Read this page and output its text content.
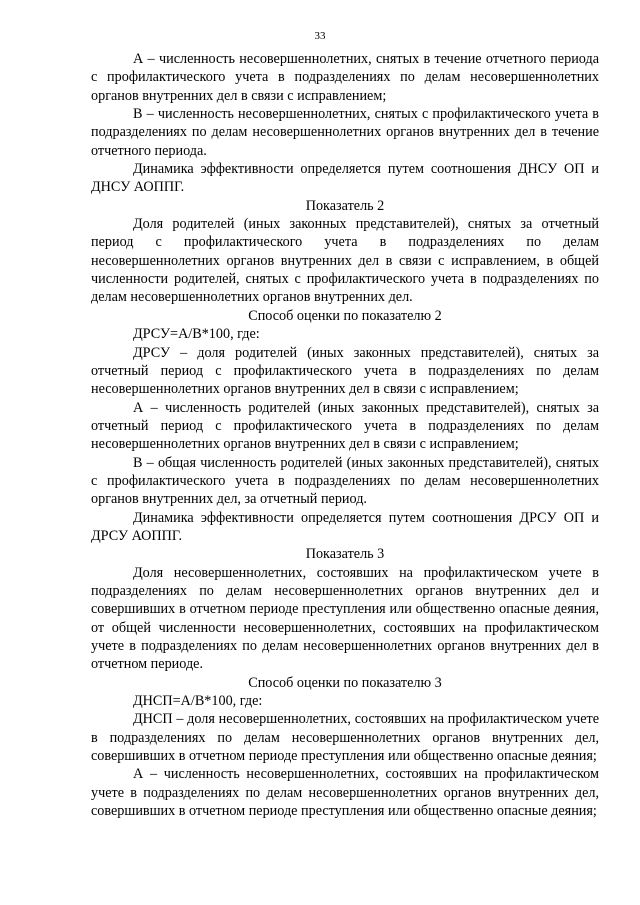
33

А – численность несовершеннолетних, снятых в течение отчетного периода с профилактического учета в подразделениях по делам несовершеннолетних органов внутренних дел в связи с исправлением;

В – численность несовершеннолетних, снятых с профилактического учета в подразделениях по делам несовершеннолетних органов внутренних дел в течение отчетного периода.

Динамика эффективности определяется путем соотношения ДНСУ ОП и ДНСУ АОППГ.

Показатель 2

Доля родителей (иных законных представителей), снятых за отчетный период с профилактического учета в подразделениях по делам несовершеннолетних органов внутренних дел в связи с исправлением, в общей численности родителей, снятых с профилактического учета в подразделениях по делам несовершеннолетних органов внутренних дел.

Способ оценки по показателю 2

ДРСУ=А/В*100, где:

ДРСУ – доля родителей (иных законных представителей), снятых за отчетный период с профилактического учета в подразделениях по делам несовершеннолетних органов внутренних дел в связи с исправлением;

А – численность родителей (иных законных представителей), снятых за отчетный период с профилактического учета в подразделениях по делам несовершеннолетних органов внутренних дел в связи с исправлением;

В – общая численность родителей (иных законных представителей), снятых с профилактического учета в подразделениях по делам несовершеннолетних органов внутренних дел, за отчетный период.

Динамика эффективности определяется путем соотношения ДРСУ ОП и ДРСУ АОППГ.

Показатель 3

Доля несовершеннолетних, состоявших на профилактическом учете в подразделениях по делам несовершеннолетних органов внутренних дел и совершивших в отчетном периоде преступления или общественно опасные деяния, от общей численности несовершеннолетних, состоявших на профилактическом учете в подразделениях по делам несовершеннолетних органов внутренних дел в отчетном периоде.

Способ оценки по показателю 3

ДНСП=А/В*100, где:

ДНСП – доля несовершеннолетних, состоявших на профилактическом учете в подразделениях по делам несовершеннолетних органов внутренних дел, совершивших в отчетном периоде преступления или общественно опасные деяния;

А – численность несовершеннолетних, состоявших на профилактическом учете в подразделениях по делам несовершеннолетних органов внутренних дел, совершивших в отчетном периоде преступления или общественно опасные деяния;
